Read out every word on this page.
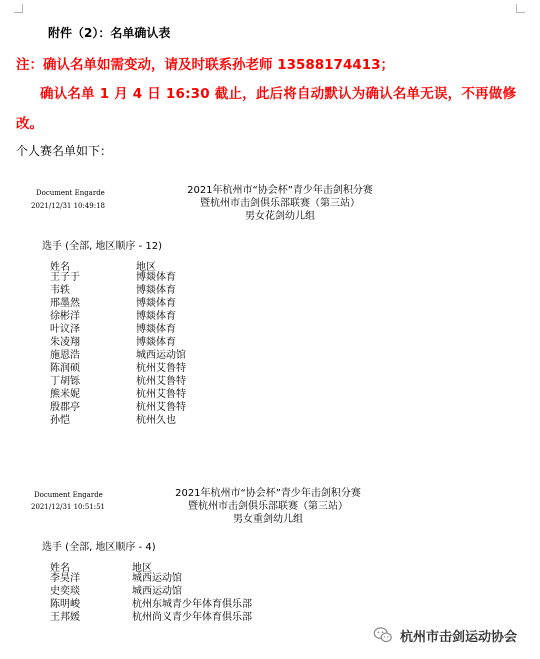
附件（2）：名单确认表
注：确认名单如需变动，请及时联系孙老师 13588174413；
确认名单 1 月 4 日 16:30 截止，此后将自动默认为确认名单无误，不再做修
改。
个人赛名单如下：
Document Engarde
2021/12/31 10:49:18
2021年杭州市“协会杯”青少年击剑积分赛
暨杭州市击剑俱乐部联赛（第三站）
男女花剑幼儿组
选手 (全部, 地区顺序 - 12)
姓名	地区
王子于	博燚体育
韦轶	博燚体育
邢墨然	博燚体育
徐彬洋	博燚体育
叶议泽	博燚体育
朱凌翔	博燚体育
施恩浩	城西运动馆
陈润硕	杭州艾鲁特
丁胡铄	杭州艾鲁特
熊米妮	杭州艾鲁特
殷郡亭	杭州艾鲁特
孙恺	杭州久也
Document Engarde
2021/12/31 10:51:51
2021年杭州市“协会杯”青少年击剑积分赛
暨杭州市击剑俱乐部联赛（第三站）
男女重剑幼儿组
选手 (全部, 地区顺序 - 4)
姓名	地区
李昊洋	城西运动馆
史奕琰	城西运动馆
陈明峻	杭州东城青少年体育俱乐部
王邦媛	杭州尚义青少年体育俱乐部
杭州市击剑运动协会
